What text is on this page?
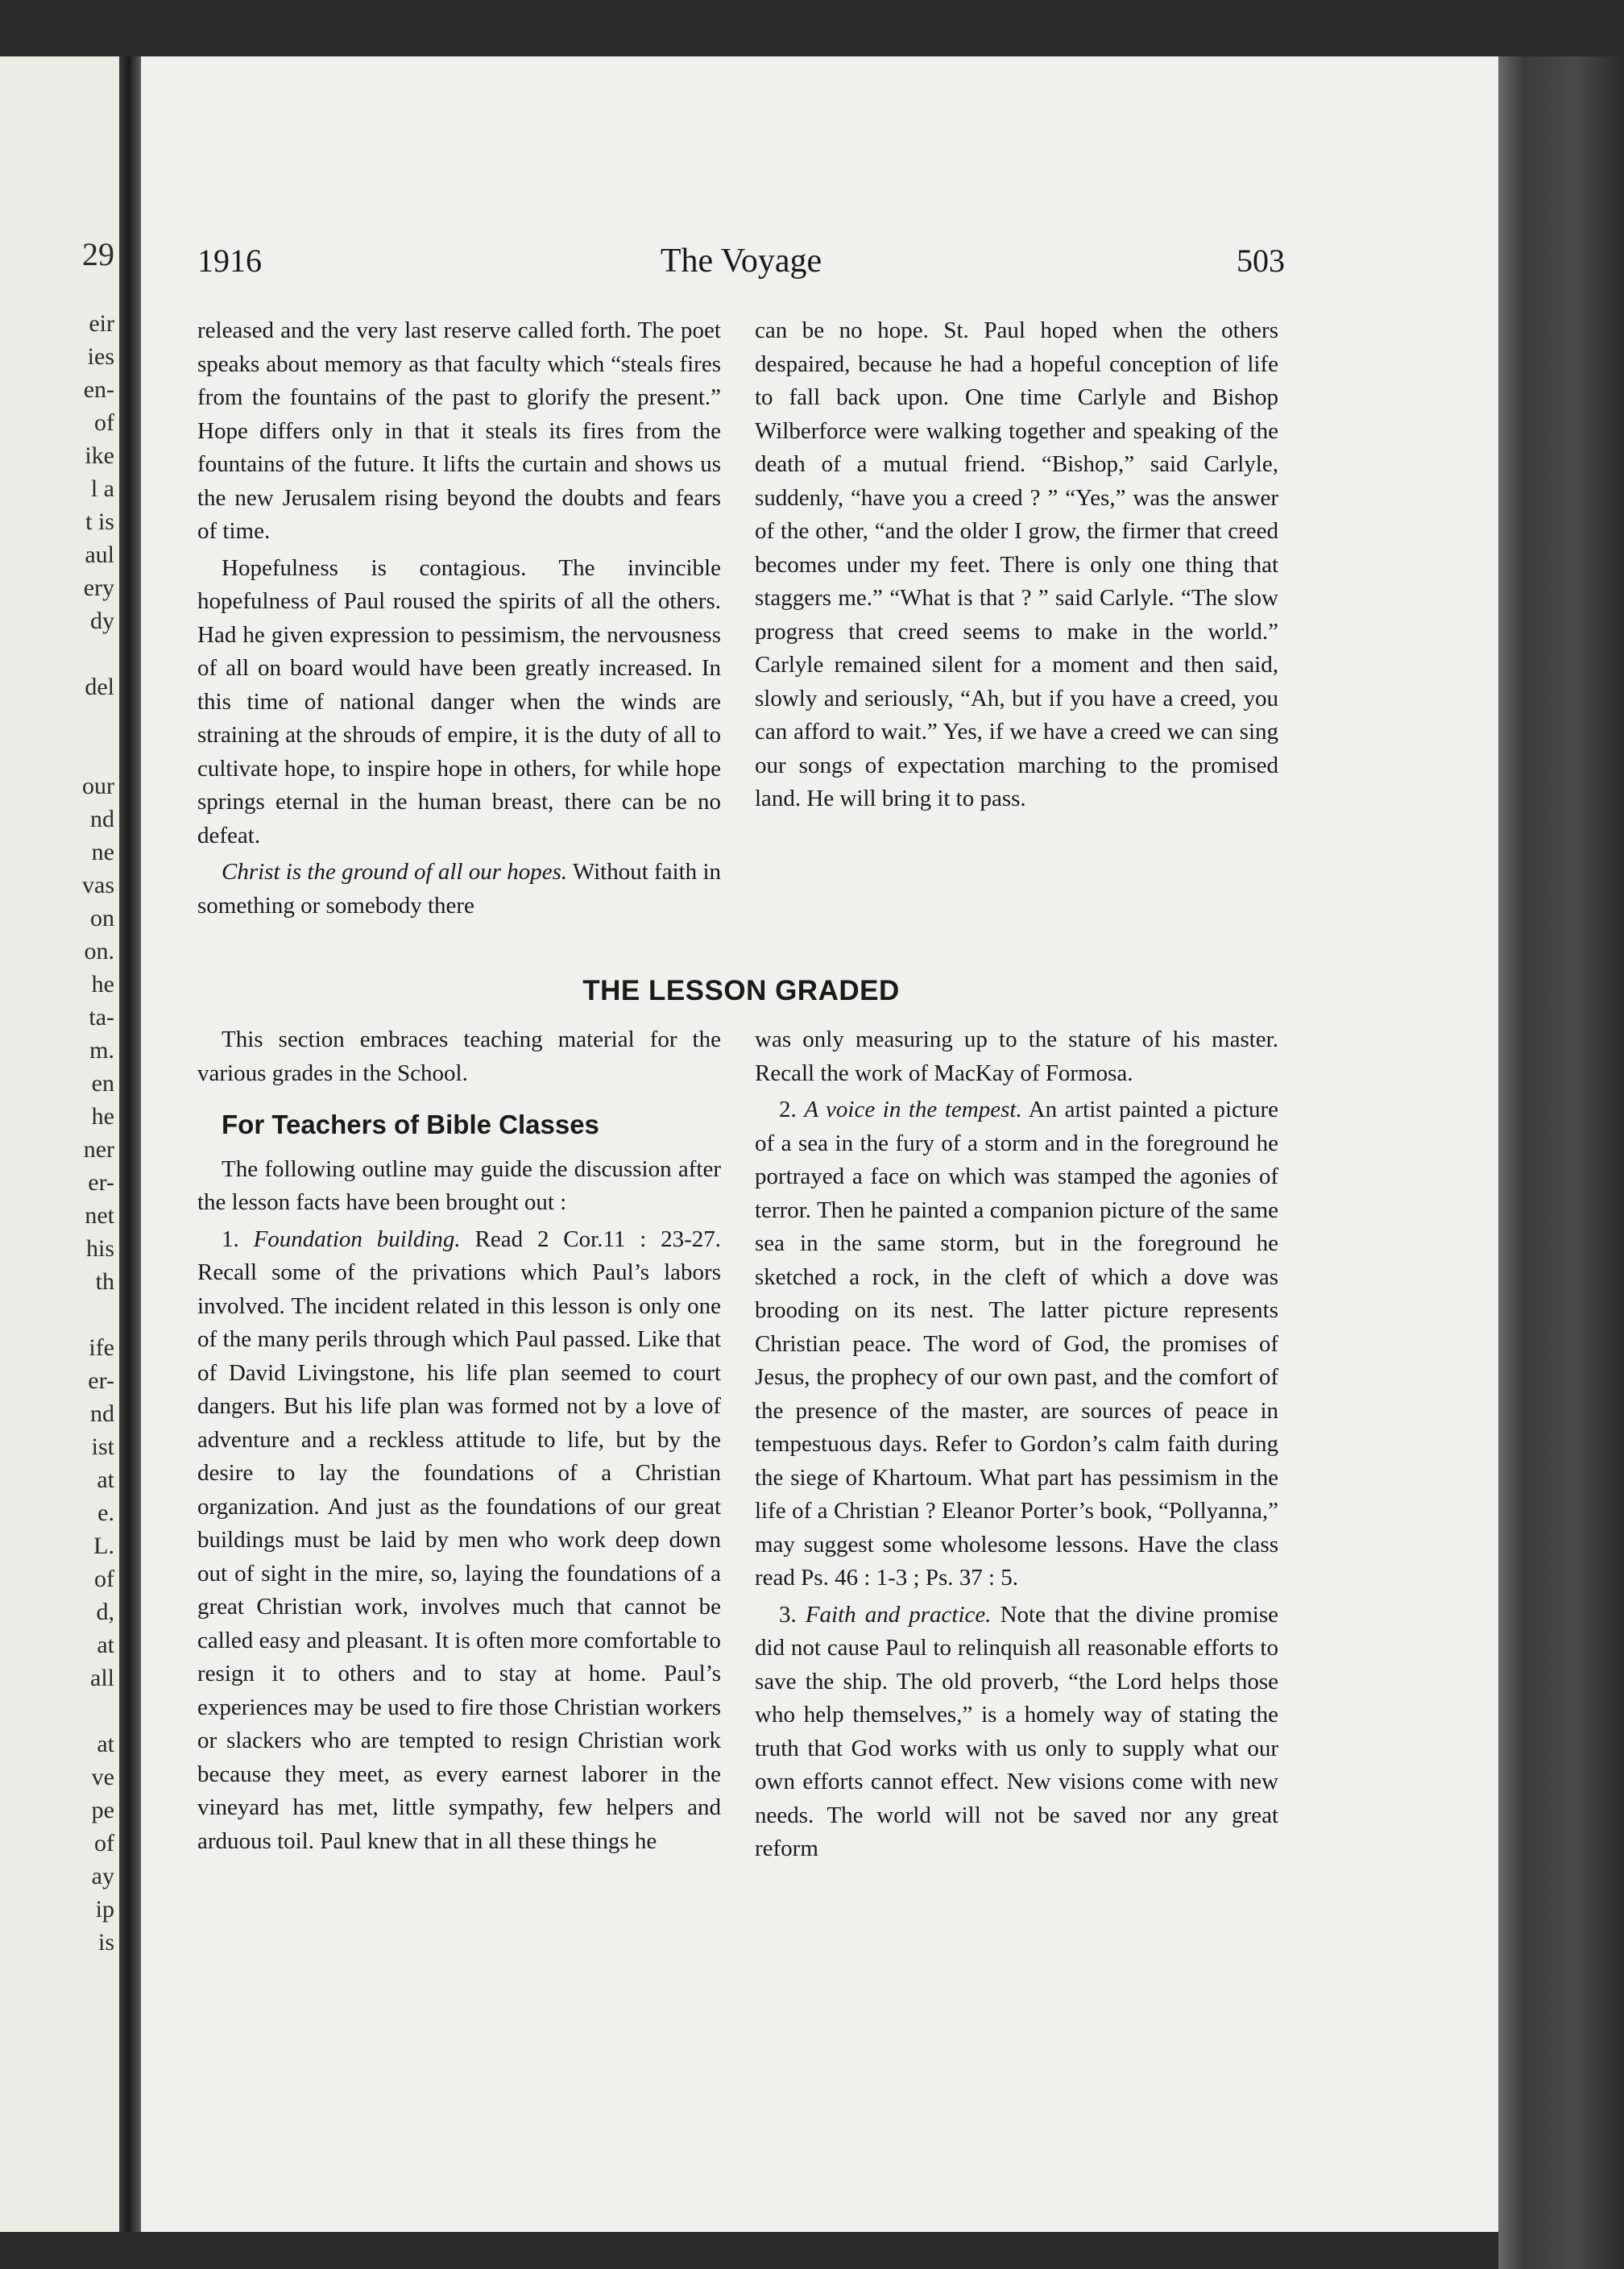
29
eir
ies
en-
of
ike
l a
t is
aul
ery
dy

del

our
nd
ne
vas
on
on.
he
ta-
m.
en
he
ner
er-
net
his
th

ife
er-
nd
ist
at
e.
L.
of
d,
at
all

at
ve
pe
of
ay
ip
is
1916	The Voyage	503

released and the very last reserve called forth. The poet speaks about memory as that faculty which “steals fires from the fountains of the past to glorify the present.” Hope differs only in that it steals its fires from the fountains of the future. It lifts the curtain and shows us the new Jerusalem rising beyond the doubts and fears of time.

Hopefulness is contagious. The invincible hopefulness of Paul roused the spirits of all the others. Had he given expression to pessimism, the nervousness of all on board would have been greatly increased. In this time of national danger when the winds are straining at the shrouds of empire, it is the duty of all to cultivate hope, to inspire hope in others, for while hope springs eternal in the human breast, there can be no defeat.

Christ is the ground of all our hopes. Without faith in something or somebody there

can be no hope. St. Paul hoped when the others despaired, because he had a hopeful conception of life to fall back upon. One time Carlyle and Bishop Wilberforce were walking together and speaking of the death of a mutual friend. “Bishop,” said Carlyle, suddenly, “have you a creed ? ” “Yes,” was the answer of the other, “and the older I grow, the firmer that creed becomes under my feet. There is only one thing that staggers me.” “What is that ? ” said Carlyle. “The slow progress that creed seems to make in the world.” Carlyle remained silent for a moment and then said, slowly and seriously, “Ah, but if you have a creed, you can afford to wait.” Yes, if we have a creed we can sing our songs of expectation marching to the promised land. He will bring it to pass.

THE LESSON GRADED

This section embraces teaching material for the various grades in the School.

For Teachers of Bible Classes

The following outline may guide the discussion after the lesson facts have been brought out :

1. Foundation building. Read 2 Cor.11 : 23-27. Recall some of the privations which Paul’s labors involved. The incident related in this lesson is only one of the many perils through which Paul passed. Like that of David Livingstone, his life plan seemed to court dangers. But his life plan was formed not by a love of adventure and a reckless attitude to life, but by the desire to lay the foundations of a Christian organization. And just as the foundations of our great buildings must be laid by men who work deep down out of sight in the mire, so, laying the foundations of a great Christian work, involves much that cannot be called easy and pleasant. It is often more comfortable to resign it to others and to stay at home. Paul’s experiences may be used to fire those Christian workers or slackers who are tempted to resign Christian work because they meet, as every earnest laborer in the vineyard has met, little sympathy, few helpers and arduous toil. Paul knew that in all these things he

was only measuring up to the stature of his master. Recall the work of MacKay of Formosa.

2. A voice in the tempest. An artist painted a picture of a sea in the fury of a storm and in the foreground he portrayed a face on which was stamped the agonies of terror. Then he painted a companion picture of the same sea in the same storm, but in the foreground he sketched a rock, in the cleft of which a dove was brooding on its nest. The latter picture represents Christian peace. The word of God, the promises of Jesus, the prophecy of our own past, and the comfort of the presence of the master, are sources of peace in tempestuous days. Refer to Gordon’s calm faith during the siege of Khartoum. What part has pessimism in the life of a Christian ? Eleanor Porter’s book, “Pollyanna,” may suggest some wholesome lessons. Have the class read Ps. 46 : 1-3 ; Ps. 37 : 5.

3. Faith and practice. Note that the divine promise did not cause Paul to relinquish all reasonable efforts to save the ship. The old proverb, “the Lord helps those who help themselves,” is a homely way of stating the truth that God works with us only to supply what our own efforts cannot effect. New visions come with new needs. The world will not be saved nor any great reform
